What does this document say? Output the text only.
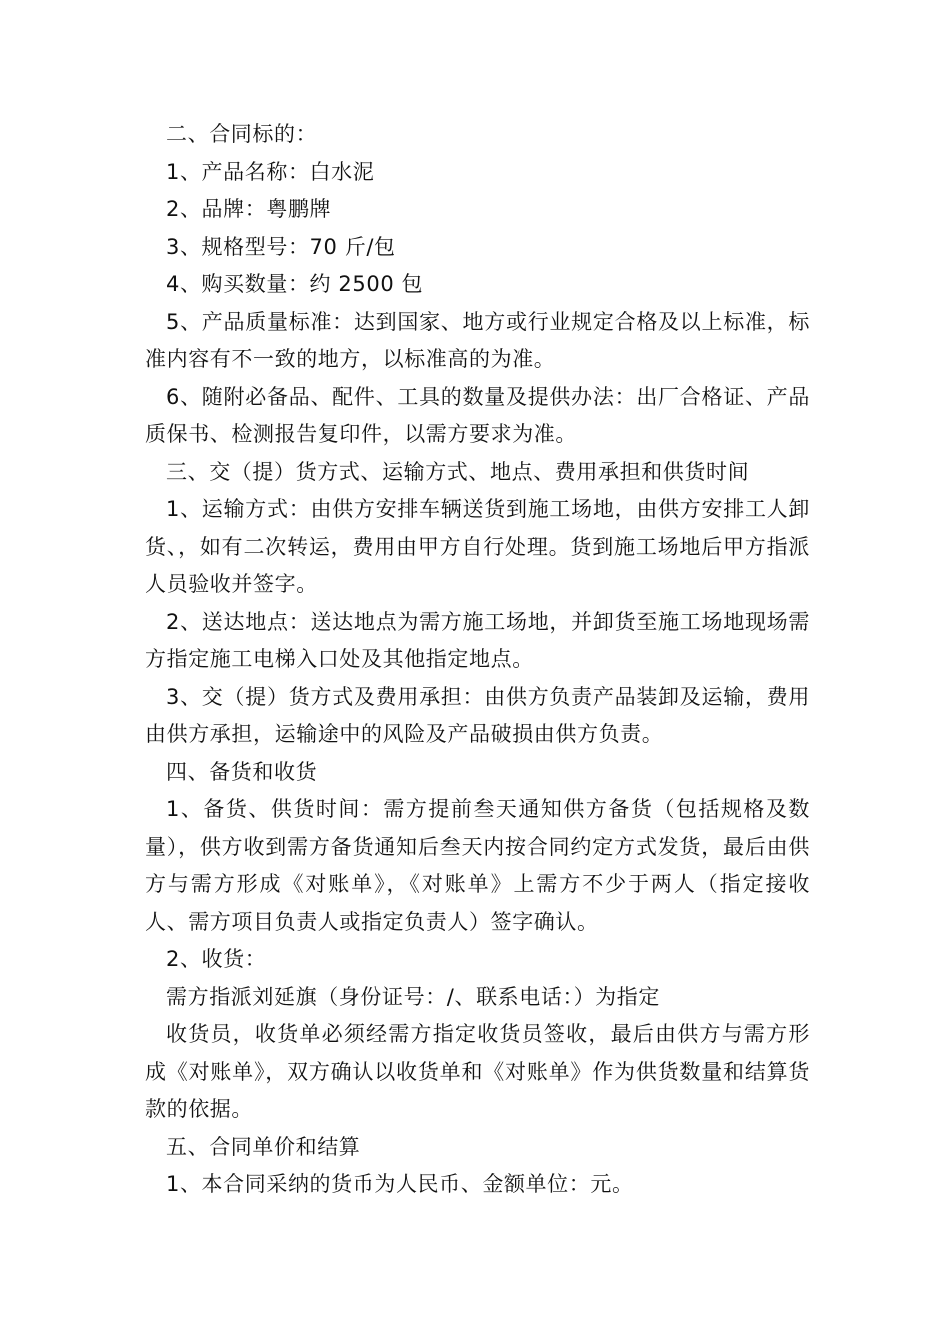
二、合同标的：

1、产品名称：白水泥

2、品牌：粤鹏牌

3、规格型号：70 斤/包

4、购买数量：约 2500 包

5、产品质量标准：达到国家、地方或行业规定合格及以上标准，标准内容有不一致的地方，以标准高的为准。

6、随附必备品、配件、工具的数量及提供办法：出厂合格证、产品质保书、检测报告复印件，以需方要求为准。

三、交（提）货方式、运输方式、地点、费用承担和供货时间

1、运输方式：由供方安排车辆送货到施工场地，由供方安排工人卸货、，如有二次转运，费用由甲方自行处理。货到施工场地后甲方指派人员验收并签字。

2、送达地点：送达地点为需方施工场地，并卸货至施工场地现场需方指定施工电梯入口处及其他指定地点。

3、交（提）货方式及费用承担：由供方负责产品装卸及运输，费用由供方承担，运输途中的风险及产品破损由供方负责。

四、备货和收货

1、备货、供货时间：需方提前叁天通知供方备货（包括规格及数量），供方收到需方备货通知后叁天内按合同约定方式发货，最后由供方与需方形成《对账单》，《对账单》上需方不少于两人（指定接收人、需方项目负责人或指定负责人）签字确认。

2、收货：

需方指派刘延旗（身份证号：/、联系电话：）为指定

收货员，收货单必须经需方指定收货员签收，最后由供方与需方形成《对账单》，双方确认以收货单和《对账单》作为供货数量和结算货款的依据。

五、合同单价和结算

1、本合同采纳的货币为人民币、金额单位：元。
